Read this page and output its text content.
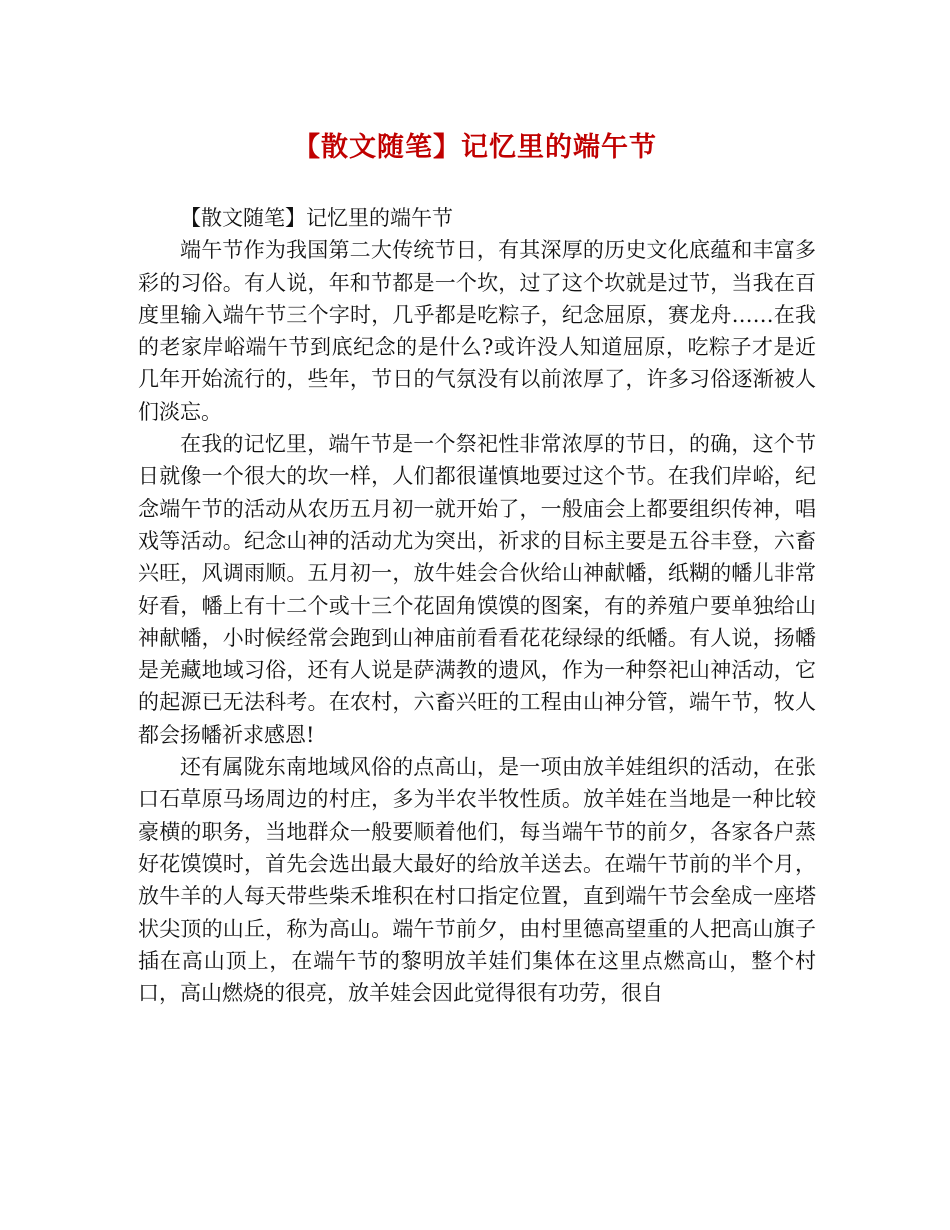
【散文随笔】记忆里的端午节

【散文随笔】记忆里的端午节

端午节作为我国第二大传统节日，有其深厚的历史文化底蕴和丰富多彩的习俗。有人说，年和节都是一个坎，过了这个坎就是过节，当我在百度里输入端午节三个字时，几乎都是吃粽子，纪念屈原，赛龙舟……在我的老家岸峪端午节到底纪念的是什么?或许没人知道屈原，吃粽子才是近几年开始流行的，些年，节日的气氛没有以前浓厚了，许多习俗逐渐被人们淡忘。

在我的记忆里，端午节是一个祭祀性非常浓厚的节日，的确，这个节日就像一个很大的坎一样，人们都很谨慎地要过这个节。在我们岸峪，纪念端午节的活动从农历五月初一就开始了，一般庙会上都要组织传神，唱戏等活动。纪念山神的活动尤为突出，祈求的目标主要是五谷丰登，六畜兴旺，风调雨顺。五月初一，放牛娃会合伙给山神献幡，纸糊的幡儿非常好看，幡上有十二个或十三个花固角馍馍的图案，有的养殖户要单独给山神献幡，小时候经常会跑到山神庙前看看花花绿绿的纸幡。有人说，扬幡是羌藏地域习俗，还有人说是萨满教的遗风，作为一种祭祀山神活动，它的起源已无法科考。在农村，六畜兴旺的工程由山神分管，端午节，牧人都会扬幡祈求感恩!

还有属陇东南地域风俗的点高山，是一项由放羊娃组织的活动，在张口石草原马场周边的村庄，多为半农半牧性质。放羊娃在当地是一种比较豪横的职务，当地群众一般要顺着他们，每当端午节的前夕，各家各户蒸好花馍馍时，首先会选出最大最好的给放羊送去。在端午节前的半个月，放牛羊的人每天带些柴禾堆积在村口指定位置，直到端午节会垒成一座塔状尖顶的山丘，称为高山。端午节前夕，由村里德高望重的人把高山旗子插在高山顶上，在端午节的黎明放羊娃们集体在这里点燃高山，整个村口，高山燃烧的很亮，放羊娃会因此觉得很有功劳，很自
